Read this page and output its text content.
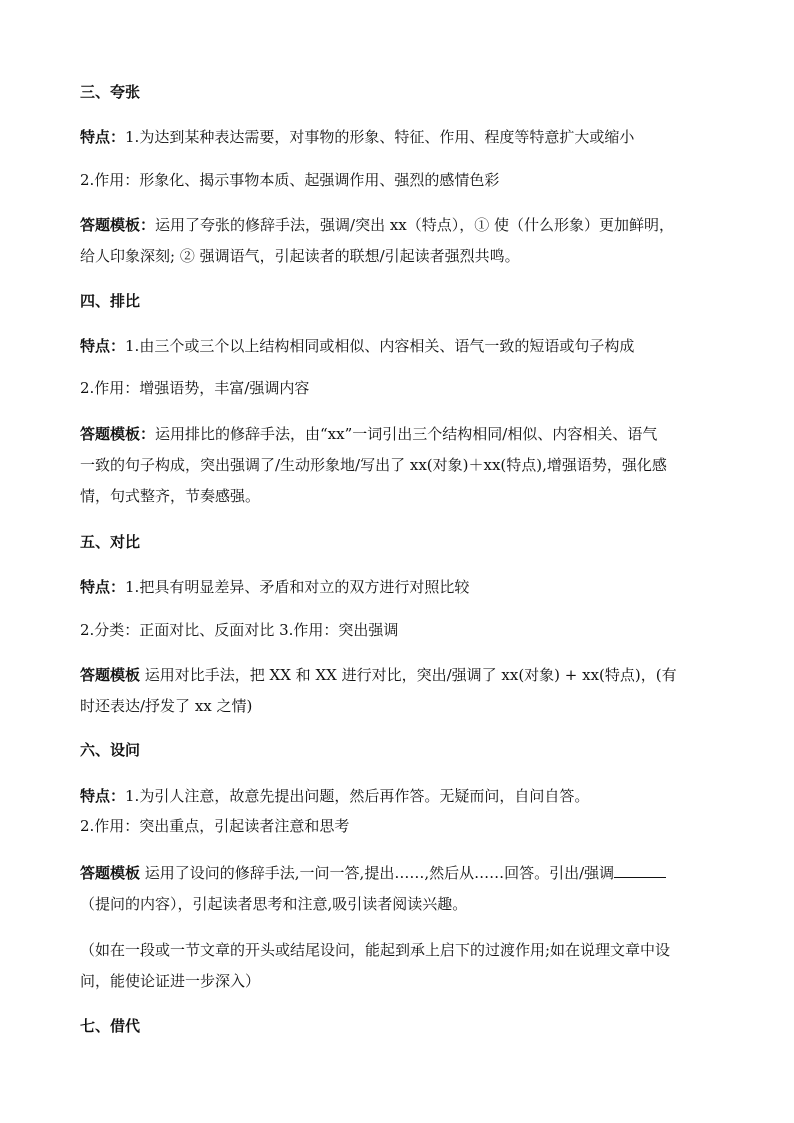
三、夸张
特点：1.为达到某种表达需要，对事物的形象、特征、作用、程度等特意扩大或缩小
2.作用：形象化、揭示事物本质、起强调作用、强烈的感情色彩
答题模板：运用了夸张的修辞手法，强调/突出 xx（特点），① 使（什么形象）更加鲜明，
给人印象深刻; ② 强调语气，引起读者的联想/引起读者强烈共鸣。
四、排比
特点：1.由三个或三个以上结构相同或相似、内容相关、语气一致的短语或句子构成
2.作用：增强语势，丰富/强调内容
答题模板：运用排比的修辞手法，由“xx”一词引出三个结构相同/相似、内容相关、语气
一致的句子构成，突出强调了/生动形象地/写出了 xx(对象)＋xx(特点),增强语势，强化感
情，句式整齐，节奏感强。
五、对比
特点：1.把具有明显差异、矛盾和对立的双方进行对照比较
2.分类：正面对比、反面对比 3.作用：突出强调
答题模板 运用对比手法，把 XX 和 XX 进行对比，突出/强调了 xx(对象) + xx(特点)，(有
时还表达/抒发了 xx 之情)
六、设问
特点：1.为引人注意，故意先提出问题，然后再作答。无疑而问，自问自答。
2.作用：突出重点，引起读者注意和思考
答题模板 运用了设问的修辞手法,一问一答,提出……,然后从……回答。引出/强调
（提问的内容），引起读者思考和注意,吸引读者阅读兴趣。
（如在一段或一节文章的开头或结尾设问，能起到承上启下的过渡作用;如在说理文章中设
问，能使论证进一步深入）
七、借代
